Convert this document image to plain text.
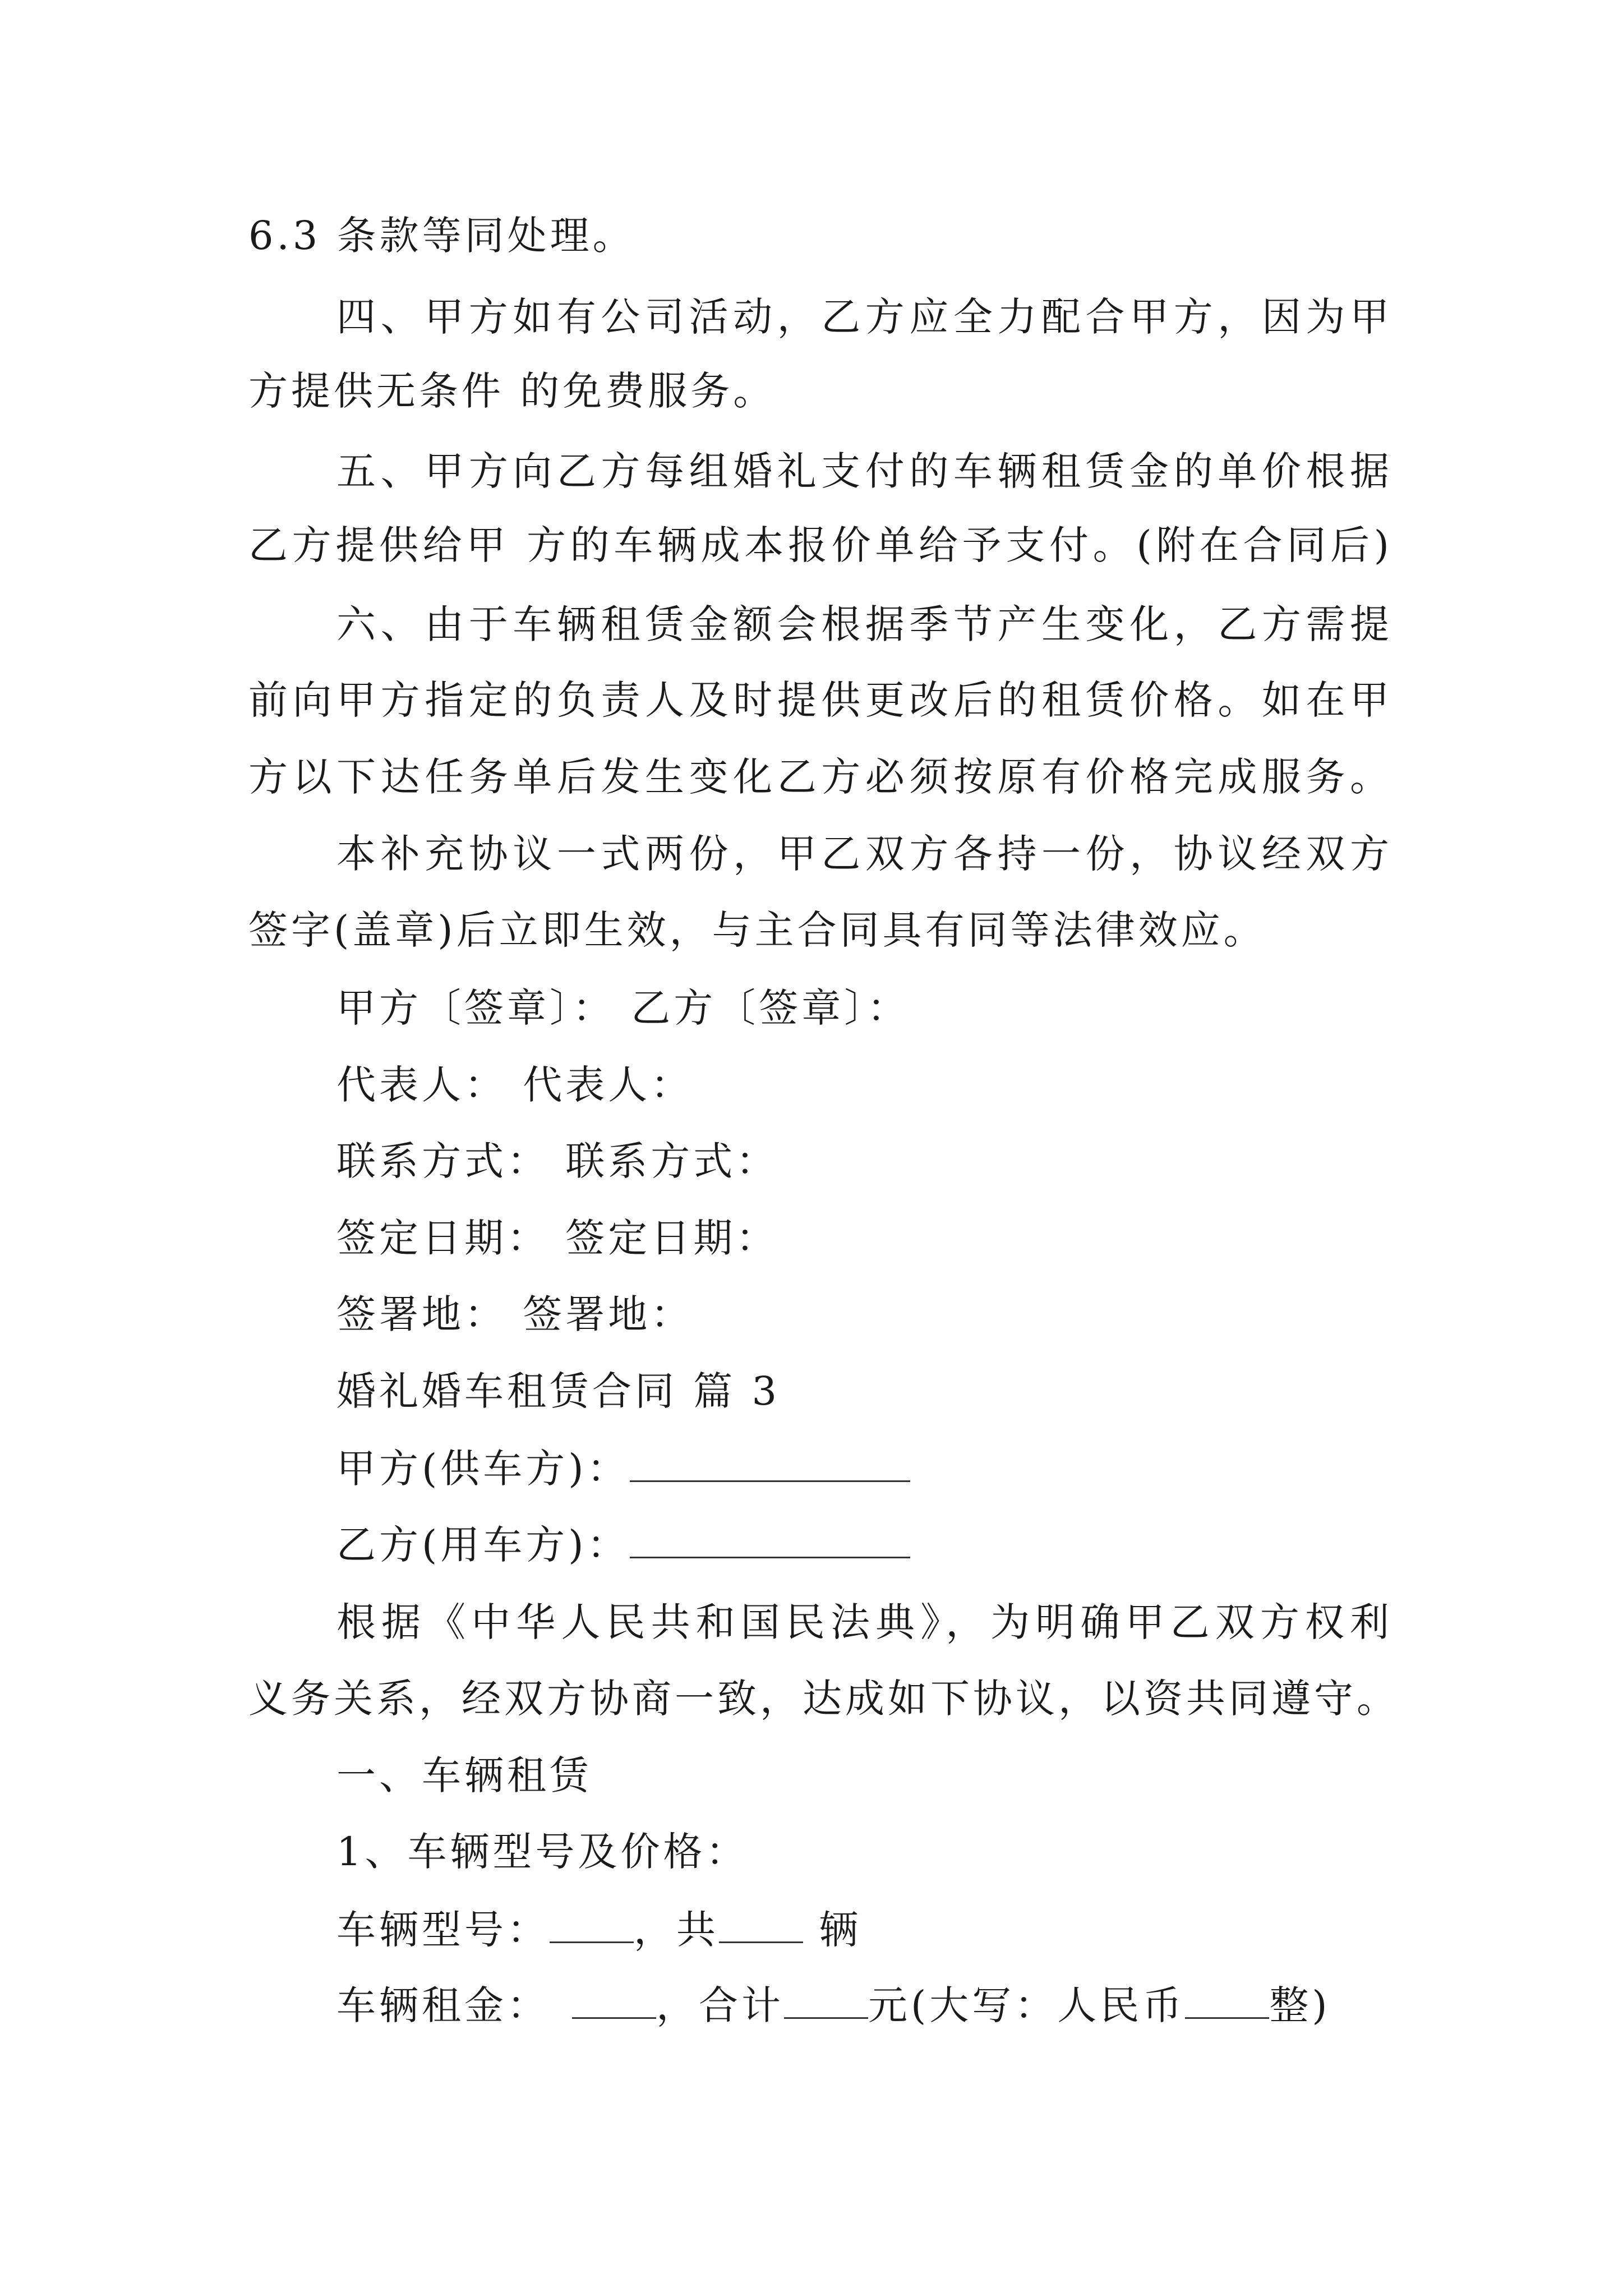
6.3 条款等同处理。
四、甲方如有公司活动，乙方应全力配合甲方，因为甲
方提供无条件 的免费服务。
五、甲方向乙方每组婚礼支付的车辆租赁金的单价根据
乙方提供给甲 方的车辆成本报价单给予支付。(附在合同后)
六、由于车辆租赁金额会根据季节产生变化，乙方需提
前向甲方指定的负责人及时提供更改后的租赁价格。如在甲
方以下达任务单后发生变化乙方必须按原有价格完成服务。
本补充协议一式两份，甲乙双方各持一份，协议经双方
签字(盖章)后立即生效，与主合同具有同等法律效应。
甲方〔签章〕： 乙方〔签章〕：
代表人： 代表人：
联系方式： 联系方式：
签定日期： 签定日期：
签署地： 签署地：
婚礼婚车租赁合同 篇 3
甲方(供车方)：
乙方(用车方)：
根据《中华人民共和国民法典》，为明确甲乙双方权利
义务关系，经双方协商一致，达成如下协议，以资共同遵守。
一、车辆租赁
1、车辆型号及价格：
车辆型号： ，共 辆
车辆租金：	，合计 元(大写：人民币 整)
